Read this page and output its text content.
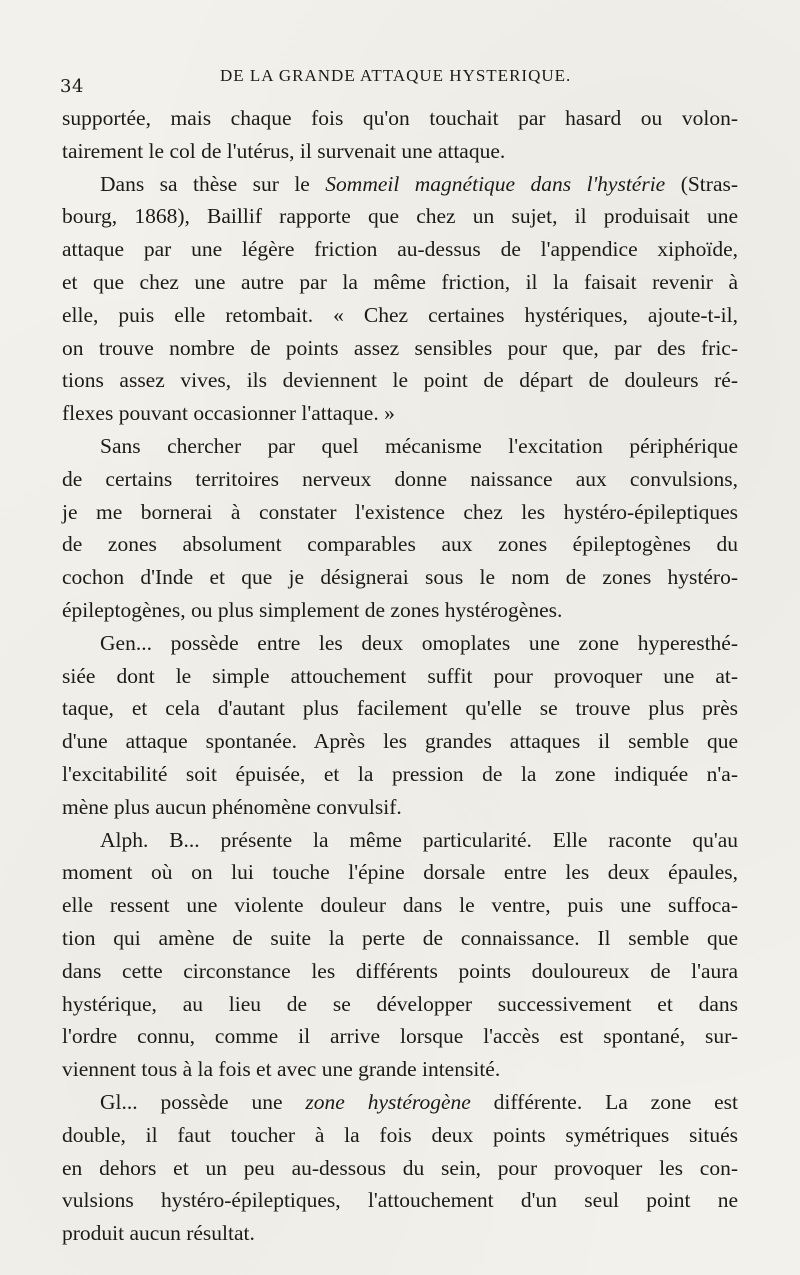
34
DE LA GRANDE ATTAQUE HYSTERIQUE.
supportée, mais chaque fois qu'on touchait par hasard ou volon-
tairement le col de l'utérus, il survenait une attaque.
Dans sa thèse sur le Sommeil magnétique dans l'hystérie (Stras-
bourg, 1868), Baillif rapporte que chez un sujet, il produisait une
attaque par une légère friction au-dessus de l'appendice xiphoïde,
et que chez une autre par la même friction, il la faisait revenir à
elle, puis elle retombait. « Chez certaines hystériques, ajoute-t-il,
on trouve nombre de points assez sensibles pour que, par des fric-
tions assez vives, ils deviennent le point de départ de douleurs ré-
flexes pouvant occasionner l'attaque. »
Sans chercher par quel mécanisme l'excitation périphérique
de certains territoires nerveux donne naissance aux convulsions,
je me bornerai à constater l'existence chez les hystéro-épileptiques
de zones absolument comparables aux zones épileptogènes du
cochon d'Inde et que je désignerai sous le nom de zones hystéro-
épileptogènes, ou plus simplement de zones hystérogènes.
Gen... possède entre les deux omoplates une zone hyperesthé-
siée dont le simple attouchement suffit pour provoquer une at-
taque, et cela d'autant plus facilement qu'elle se trouve plus près
d'une attaque spontanée. Après les grandes attaques il semble que
l'excitabilité soit épuisée, et la pression de la zone indiquée n'a-
mène plus aucun phénomène convulsif.
Alph. B... présente la même particularité. Elle raconte qu'au
moment où on lui touche l'épine dorsale entre les deux épaules,
elle ressent une violente douleur dans le ventre, puis une suffoca-
tion qui amène de suite la perte de connaissance. Il semble que
dans cette circonstance les différents points douloureux de l'aura
hystérique, au lieu de se développer successivement et dans
l'ordre connu, comme il arrive lorsque l'accès est spontané, sur-
viennent tous à la fois et avec une grande intensité.
Gl... possède une zone hystérogène différente. La zone est
double, il faut toucher à la fois deux points symétriques situés
en dehors et un peu au-dessous du sein, pour provoquer les con-
vulsions hystéro-épileptiques, l'attouchement d'un seul point ne
produit aucun résultat.
